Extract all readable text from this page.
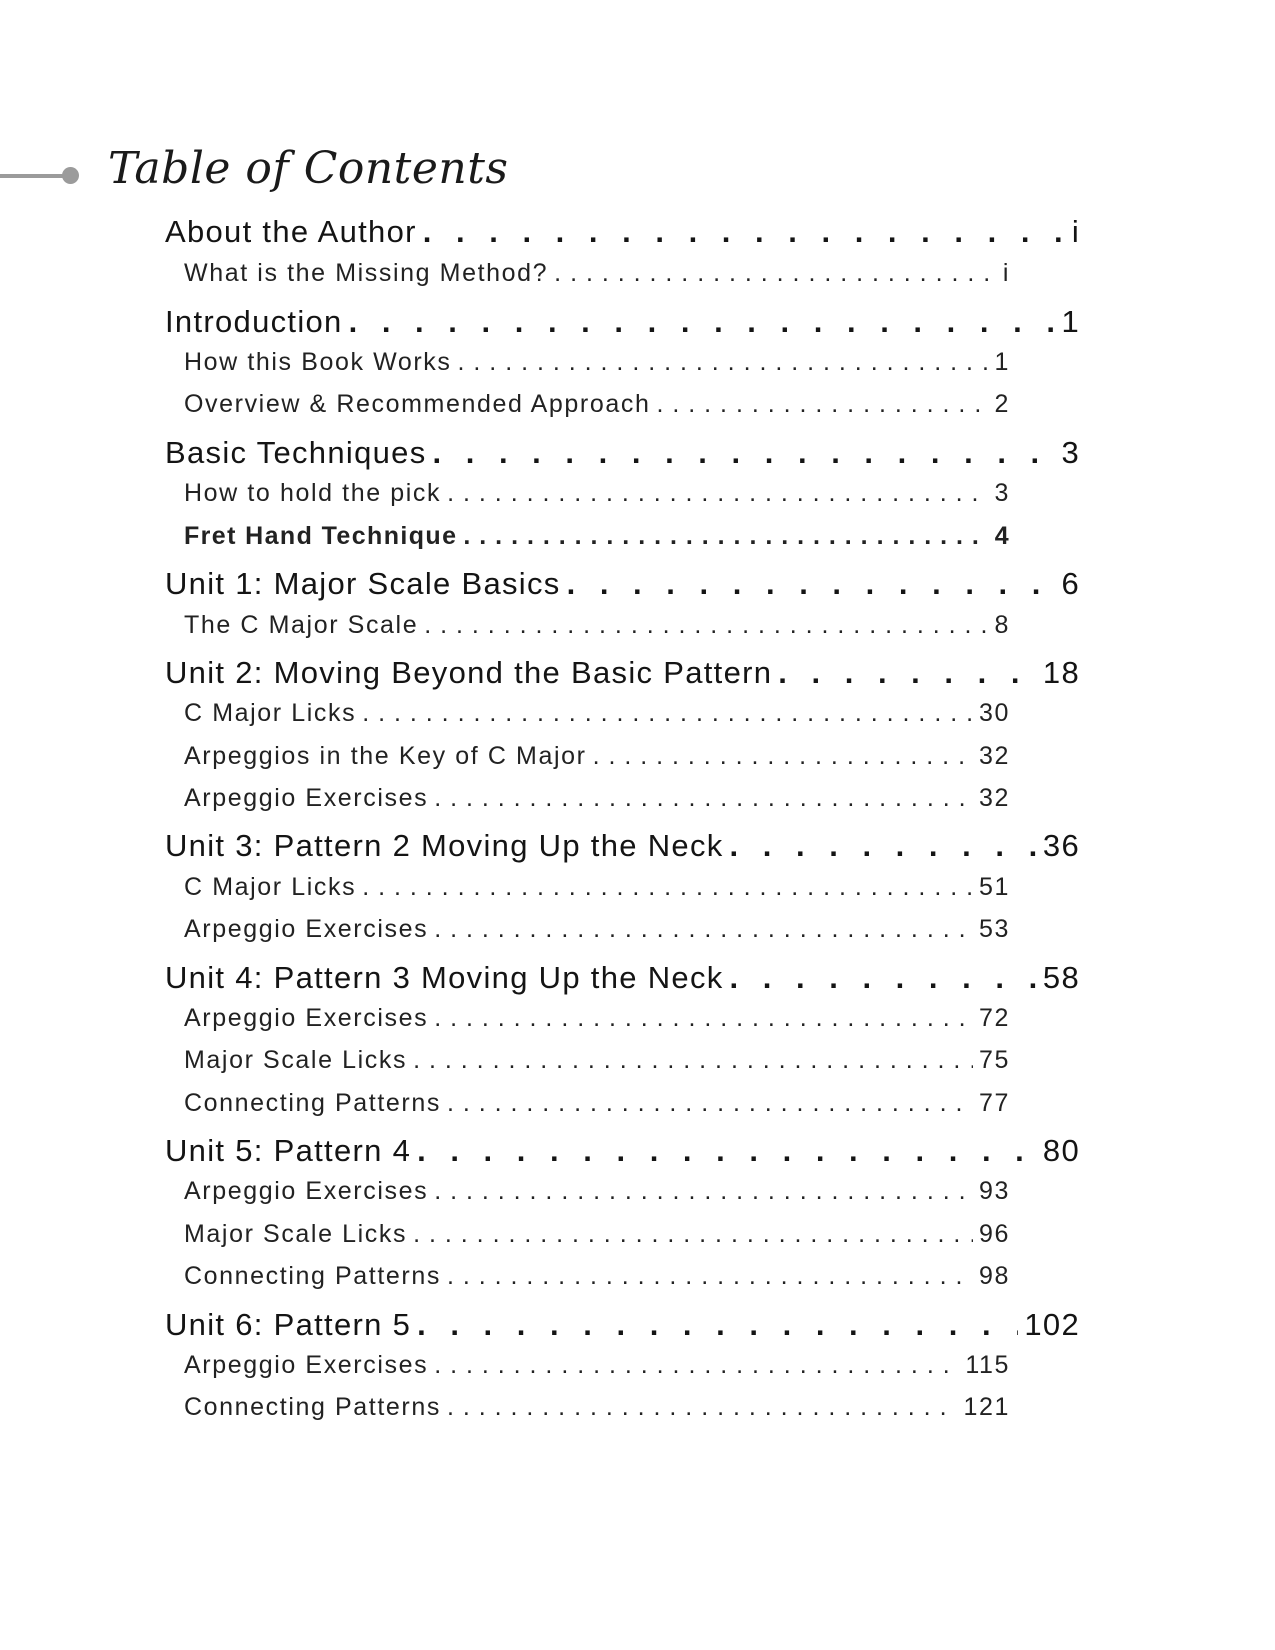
Table of Contents
About the Author . . .	i
What is the Missing Method? . . .	i
Introduction . . .	1
How this Book Works . . .	1
Overview & Recommended Approach . . .	2
Basic Techniques . . .	3
How to hold the pick . . .	3
Fret Hand Technique . . .	4
Unit 1: Major Scale Basics . . .	6
The C Major Scale . . .	8
Unit 2: Moving Beyond the Basic Pattern . . .	18
C Major Licks . . .	30
Arpeggios in the Key of C Major . . .	32
Arpeggio Exercises . . .	32
Unit 3: Pattern 2 Moving Up the Neck . . .	36
C Major Licks . . .	51
Arpeggio Exercises . . .	53
Unit 4: Pattern 3 Moving Up the Neck . . .	58
Arpeggio Exercises . . .	72
Major Scale Licks . . .	75
Connecting Patterns . . .	77
Unit 5: Pattern 4 . . .	80
Arpeggio Exercises . . .	93
Major Scale Licks . . .	96
Connecting Patterns . . .	98
Unit 6: Pattern 5 . . .	102
Arpeggio Exercises . . .	115
Connecting Patterns . . .	121
